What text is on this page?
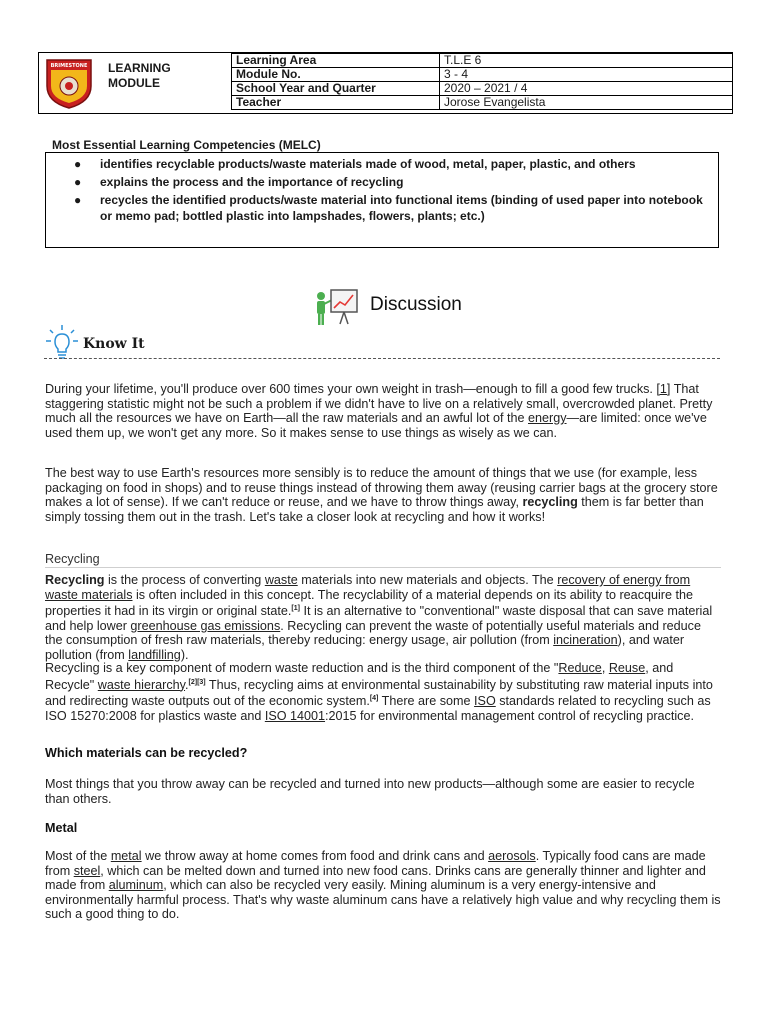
BRIMESTONE LEARNING
MODULE
Learning Area	T.L.E 6
Module No.	3 - 4
School Year and Quarter	2020 – 2021 / 4
Teacher	Jorose Evangelista
Most Essential Learning Competencies (MELC)
● identifies recyclable products/waste materials made of wood, metal, paper, plastic, and others
● explains the process and the importance of recycling
● recycles the identified products/waste material into functional items (binding of used paper into notebook or memo pad; bottled plastic into lampshades, flowers, plants; etc.)
Discussion
Know It

During your lifetime, you'll produce over 600 times your own weight in trash—enough to fill a good few trucks. [1] That staggering statistic might not be such a problem if we didn't have to live on a relatively small, overcrowded planet. Pretty much all the resources we have on Earth—all the raw materials and an awful lot of the energy—are limited: once we've used them up, we won't get any more. So it makes sense to use things as wisely as we can.

The best way to use Earth's resources more sensibly is to reduce the amount of things that we use (for example, less packaging on food in shops) and to reuse things instead of throwing them away (reusing carrier bags at the grocery store makes a lot of sense). If we can't reduce or reuse, and we have to throw things away, recycling them is far better than simply tossing them out in the trash. Let's take a closer look at recycling and how it works!

Recycling

Recycling is the process of converting waste materials into new materials and objects. The recovery of energy from waste materials is often included in this concept. The recyclability of a material depends on its ability to reacquire the properties it had in its virgin or original state.[1] It is an alternative to "conventional" waste disposal that can save material and help lower greenhouse gas emissions. Recycling can prevent the waste of potentially useful materials and reduce the consumption of fresh raw materials, thereby reducing: energy usage, air pollution (from incineration), and water pollution (from landfilling).

Recycling is a key component of modern waste reduction and is the third component of the "Reduce, Reuse, and Recycle" waste hierarchy.[2][3] Thus, recycling aims at environmental sustainability by substituting raw material inputs into and redirecting waste outputs out of the economic system.[4] There are some ISO standards related to recycling such as ISO 15270:2008 for plastics waste and ISO 14001:2015 for environmental management control of recycling practice.

Which materials can be recycled?

Most things that you throw away can be recycled and turned into new products—although some are easier to recycle than others.

Metal

Most of the metal we throw away at home comes from food and drink cans and aerosols. Typically food cans are made from steel, which can be melted down and turned into new food cans. Drinks cans are generally thinner and lighter and made from aluminum, which can also be recycled very easily. Mining aluminum is a very energy-intensive and environmentally harmful process. That's why waste aluminum cans have a relatively high value and why recycling them is such a good thing to do.
